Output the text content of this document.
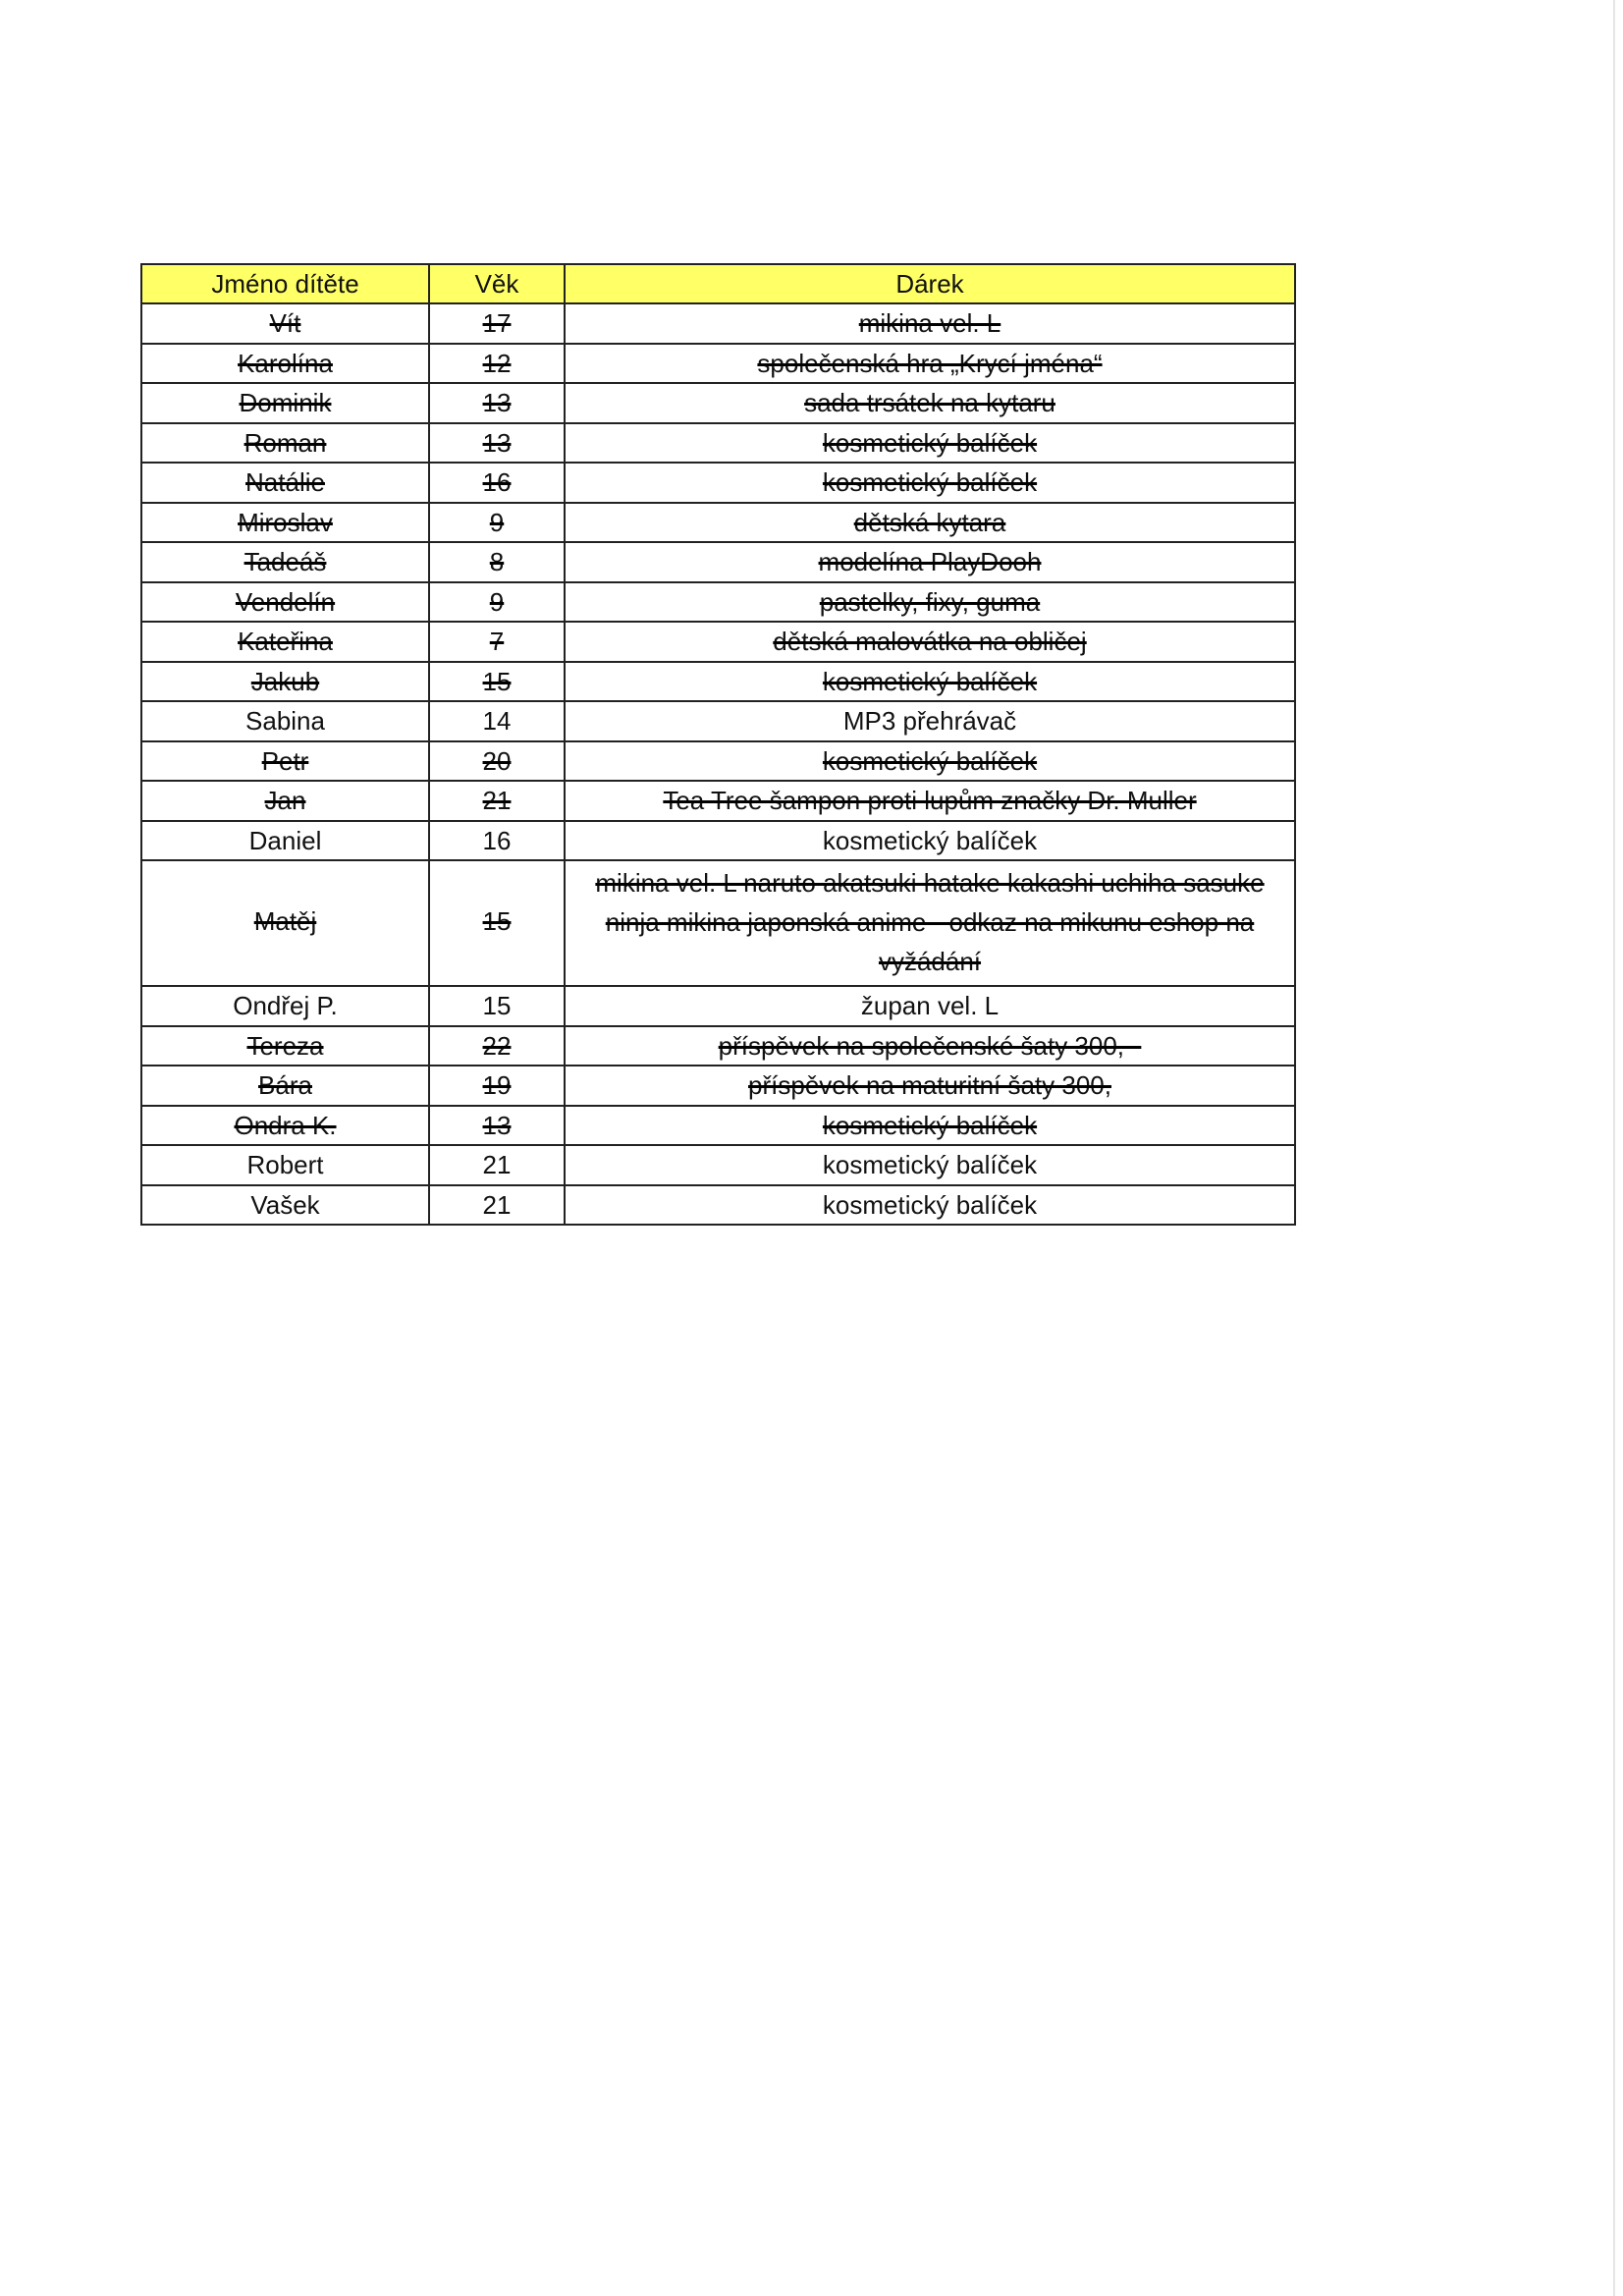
Jméno dítěte	Věk	Dárek
Vít	17	mikina vel. L
Karolína	12	společenská hra „Krycí jména“
Dominik	13	sada trsátek na kytaru
Roman	13	kosmetický balíček
Natálie	16	kosmetický balíček
Miroslav	9	dětská kytara
Tadeáš	8	modelína PlayDooh
Vendelín	9	pastelky, fixy, guma
Kateřina	7	dětská malovátka na obličej
Jakub	15	kosmetický balíček
Sabina	14	MP3 přehrávač
Petr	20	kosmetický balíček
Jan	21	Tea Tree šampon proti lupům značky Dr. Muller
Daniel	16	kosmetický balíček
Matěj	15	mikina vel. L naruto akatsuki hatake kakashi uchiha sasuke
ninja mikina japonská anime - odkaz na mikunu eshop na
vyžádání

Ondřej P.	15	župan vel. L
Tereza	22	příspěvek na společenské šaty 300,--
Bára	19	příspěvek na maturitní šaty 300,
Ondra K.	13	kosmetický balíček
Robert	21	kosmetický balíček
Vašek	21	kosmetický balíček
